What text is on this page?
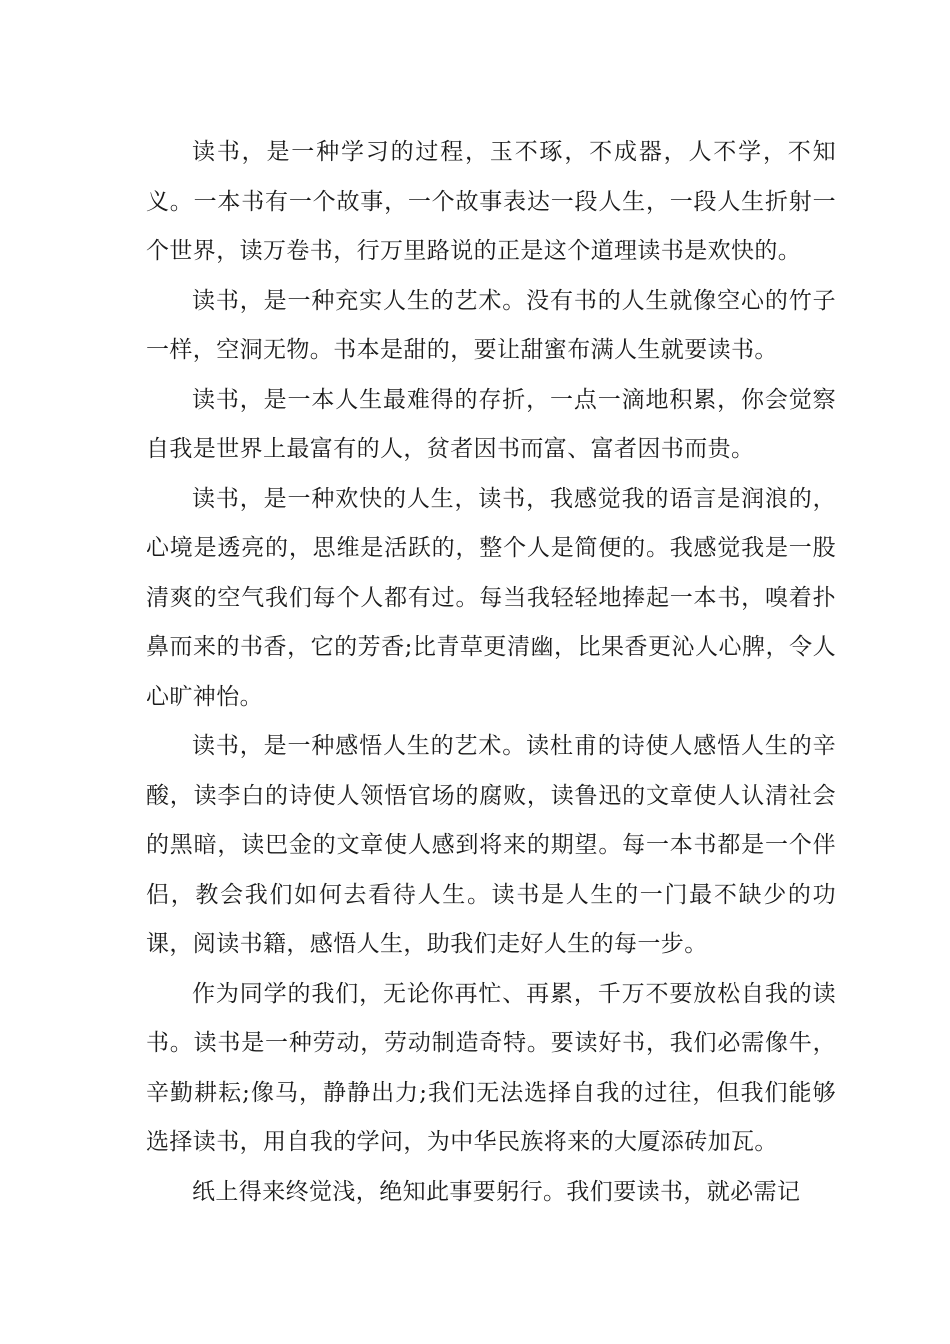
读书，是一种学习的过程，玉不琢，不成器，人不学，不知义。一本书有一个故事，一个故事表达一段人生，一段人生折射一个世界，读万卷书，行万里路说的正是这个道理读书是欢快的。

读书，是一种充实人生的艺术。没有书的人生就像空心的竹子一样，空洞无物。书本是甜的，要让甜蜜布满人生就要读书。

读书，是一本人生最难得的存折，一点一滴地积累，你会觉察自我是世界上最富有的人，贫者因书而富、富者因书而贵。

读书，是一种欢快的人生，读书，我感觉我的语言是润浪的，心境是透亮的，思维是活跃的，整个人是简便的。我感觉我是一股清爽的空气我们每个人都有过。每当我轻轻地捧起一本书，嗅着扑鼻而来的书香，它的芳香;比青草更清幽，比果香更沁人心脾，令人心旷神怡。

读书，是一种感悟人生的艺术。读杜甫的诗使人感悟人生的辛酸，读李白的诗使人领悟官场的腐败，读鲁迅的文章使人认清社会的黑暗，读巴金的文章使人感到将来的期望。每一本书都是一个伴侣，教会我们如何去看待人生。读书是人生的一门最不缺少的功课，阅读书籍，感悟人生，助我们走好人生的每一步。

作为同学的我们，无论你再忙、再累，千万不要放松自我的读书。读书是一种劳动，劳动制造奇特。要读好书，我们必需像牛，辛勤耕耘;像马，静静出力;我们无法选择自我的过往，但我们能够选择读书，用自我的学问，为中华民族将来的大厦添砖加瓦。

纸上得来终觉浅，绝知此事要躬行。我们要读书，就必需记
